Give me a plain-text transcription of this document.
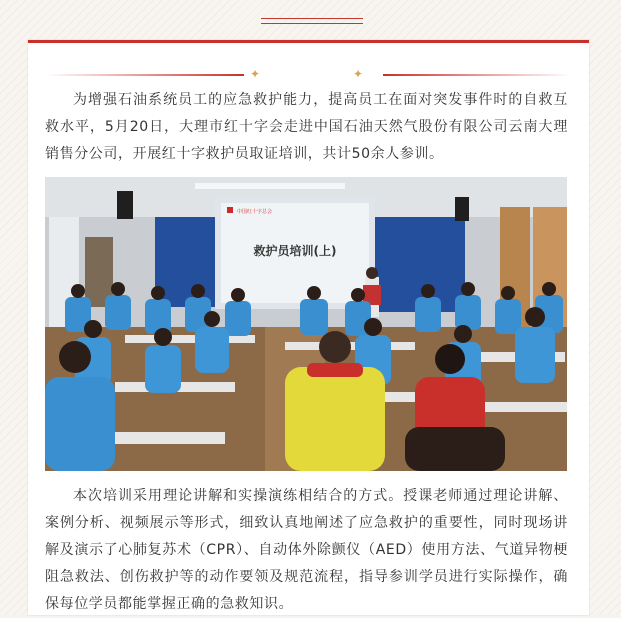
✦	✦

为增强石油系统员工的应急救护能力，提高员工在面对突发事件时的自救互救水平，5月20日，大理市红十字会走进中国石油天然气股份有限公司云南大理销售分公司，开展红十字救护员取证培训，共计50余人参训。

中国红十字总会
救护员培训(上)

本次培训采用理论讲解和实操演练相结合的方式。授课老师通过理论讲解、案例分析、视频展示等形式，细致认真地阐述了应急救护的重要性，同时现场讲解及演示了心肺复苏术（CPR）、自动体外除颤仪（AED）使用方法、气道异物梗阻急救法、创伤救护等的动作要领及规范流程，指导参训学员进行实际操作，确保每位学员都能掌握正确的急救知识。
